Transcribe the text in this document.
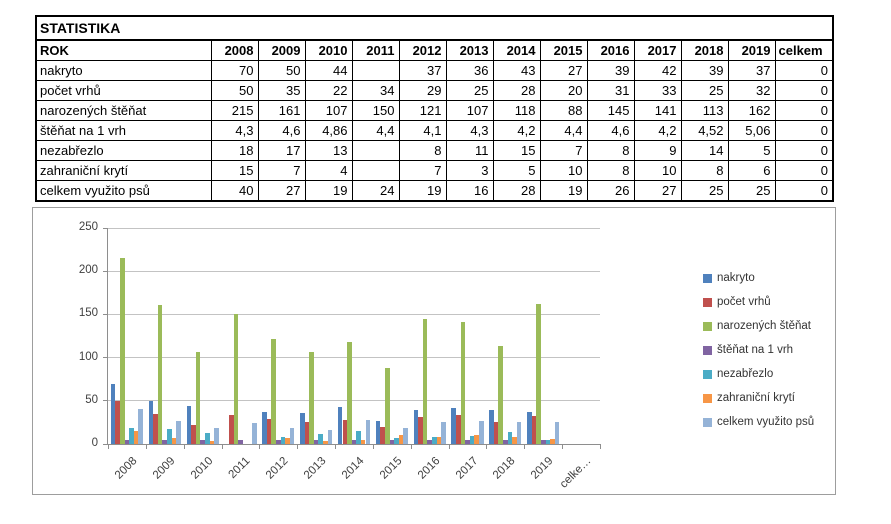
STATISTIKA													
ROK	2008	2009	2010	2011	2012	2013	2014	2015	2016	2017	2018	2019	celkem
nakryto	70	50	44		37	36	43	27	39	42	39	37	0
počet vrhů	50	35	22	34	29	25	28	20	31	33	25	32	0
narozených štěňat	215	161	107	150	121	107	118	88	145	141	113	162	0
štěňat na 1 vrh	4,3	4,6	4,86	4,4	4,1	4,3	4,2	4,4	4,6	4,2	4,52	5,06	0
nezabřezlo	18	17	13		8	11	15	7	8	9	14	5	0
zahraniční krytí	15	7	4		7	3	5	10	8	10	8	6	0
celkem využito psů	40	27	19	24	19	16	28	19	26	27	25	25	0
0
50
100
150
200
250
2008 2009 2010 2011 2012 2013 2014 2015 2016 2017 2018 2019 celke…
nakryto
počet vrhů
narozených štěňat
štěňat na 1 vrh
nezabřezlo
zahraniční krytí
celkem využito psů
